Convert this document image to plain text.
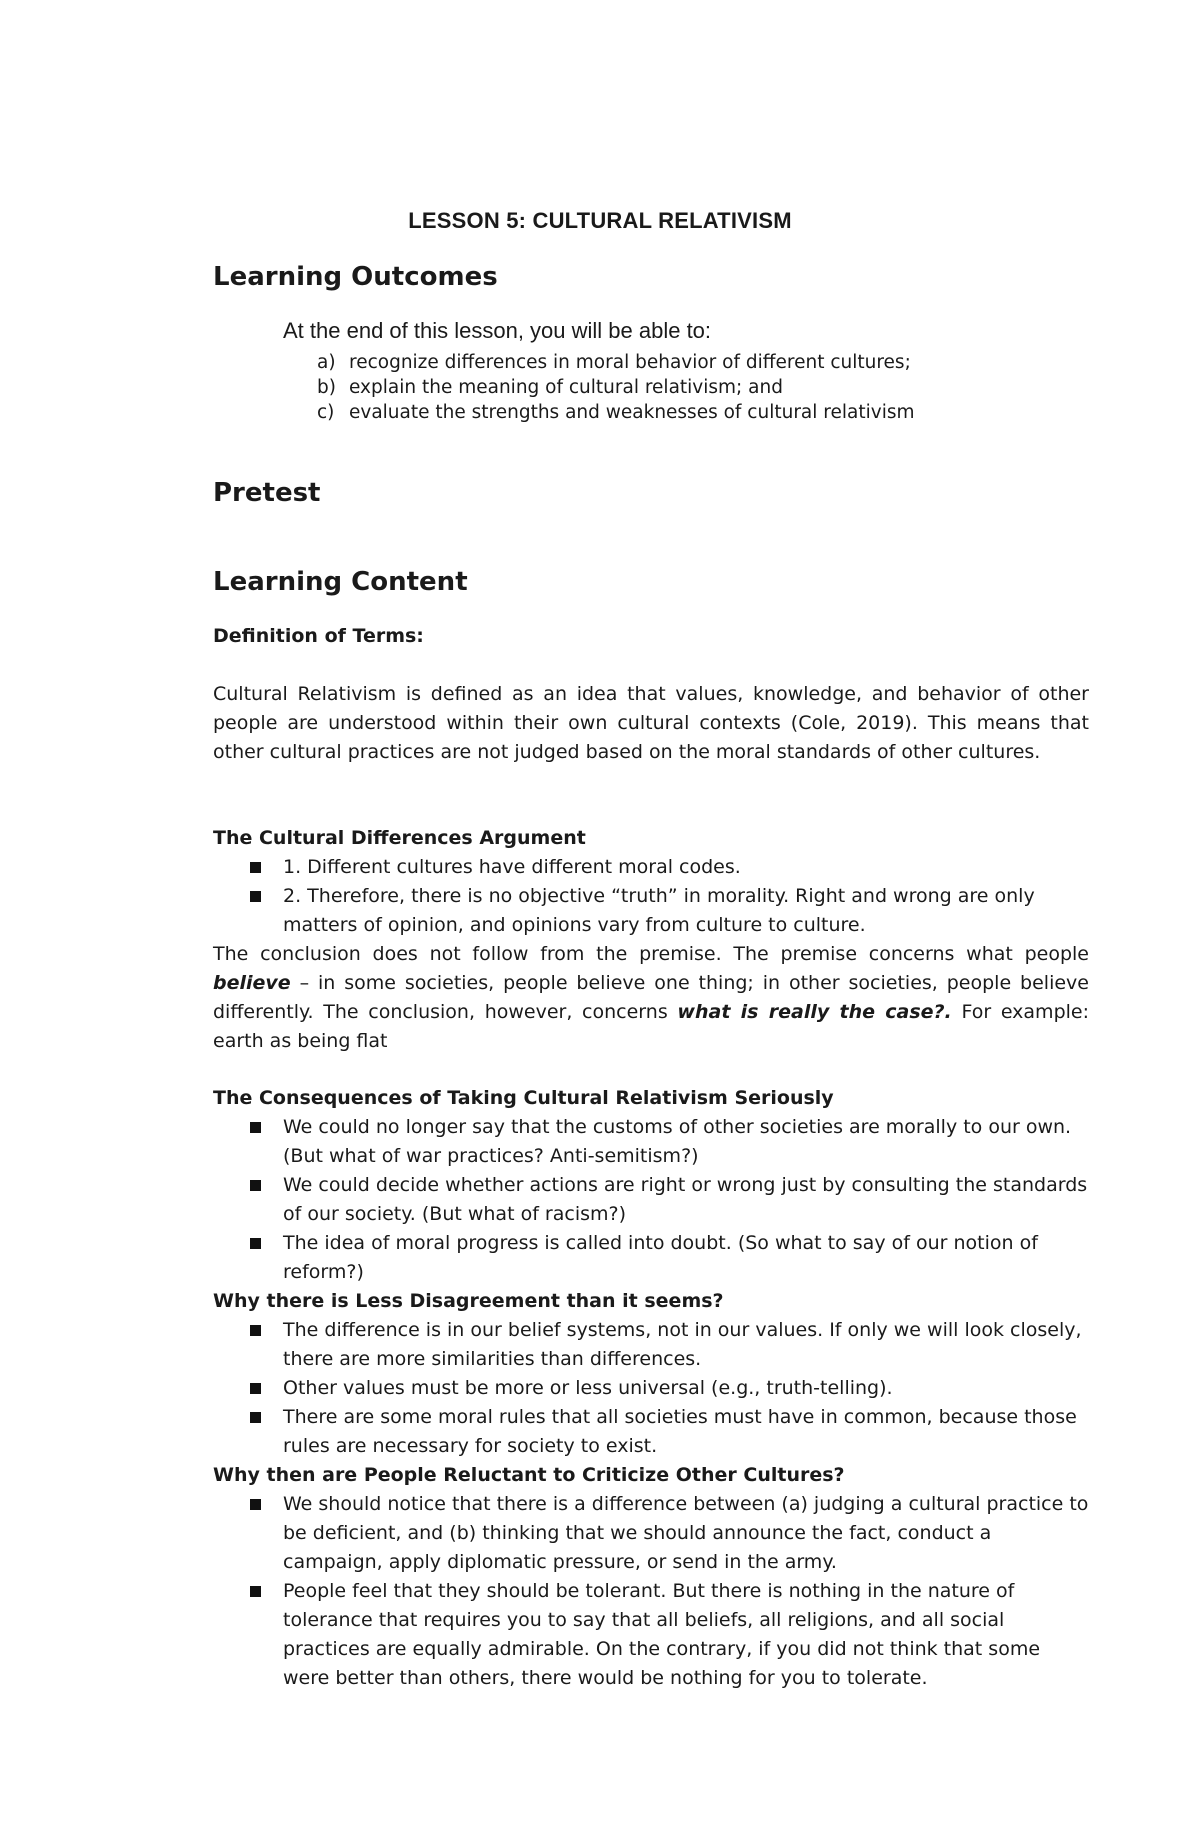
LESSON 5: CULTURAL RELATIVISM
Learning Outcomes
At the end of this lesson, you will be able to:
a) recognize differences in moral behavior of different cultures;
b) explain the meaning of cultural relativism; and
c) evaluate the strengths and weaknesses of cultural relativism
Pretest
Learning Content
Definition of Terms:
Cultural Relativism is defined as an idea that values, knowledge, and behavior of other people are understood within their own cultural contexts (Cole, 2019). This means that other cultural practices are not judged based on the moral standards of other cultures.
The Cultural Differences Argument
1. Different cultures have different moral codes.
2. Therefore, there is no objective “truth” in morality. Right and wrong are only matters of opinion, and opinions vary from culture to culture.
The conclusion does not follow from the premise. The premise concerns what people believe – in some societies, people believe one thing; in other societies, people believe differently. The conclusion, however, concerns what is really the case?. For example: earth as being flat
The Consequences of Taking Cultural Relativism Seriously
We could no longer say that the customs of other societies are morally to our own. (But what of war practices? Anti-semitism?)
We could decide whether actions are right or wrong just by consulting the standards of our society. (But what of racism?)
The idea of moral progress is called into doubt. (So what to say of our notion of reform?)
Why there is Less Disagreement than it seems?
The difference is in our belief systems, not in our values. If only we will look closely, there are more similarities than differences.
Other values must be more or less universal (e.g., truth-telling).
There are some moral rules that all societies must have in common, because those rules are necessary for society to exist.
Why then are People Reluctant to Criticize Other Cultures?
We should notice that there is a difference between (a) judging a cultural practice to be deficient, and (b) thinking that we should announce the fact, conduct a campaign, apply diplomatic pressure, or send in the army.
People feel that they should be tolerant. But there is nothing in the nature of tolerance that requires you to say that all beliefs, all religions, and all social practices are equally admirable. On the contrary, if you did not think that some were better than others, there would be nothing for you to tolerate.
